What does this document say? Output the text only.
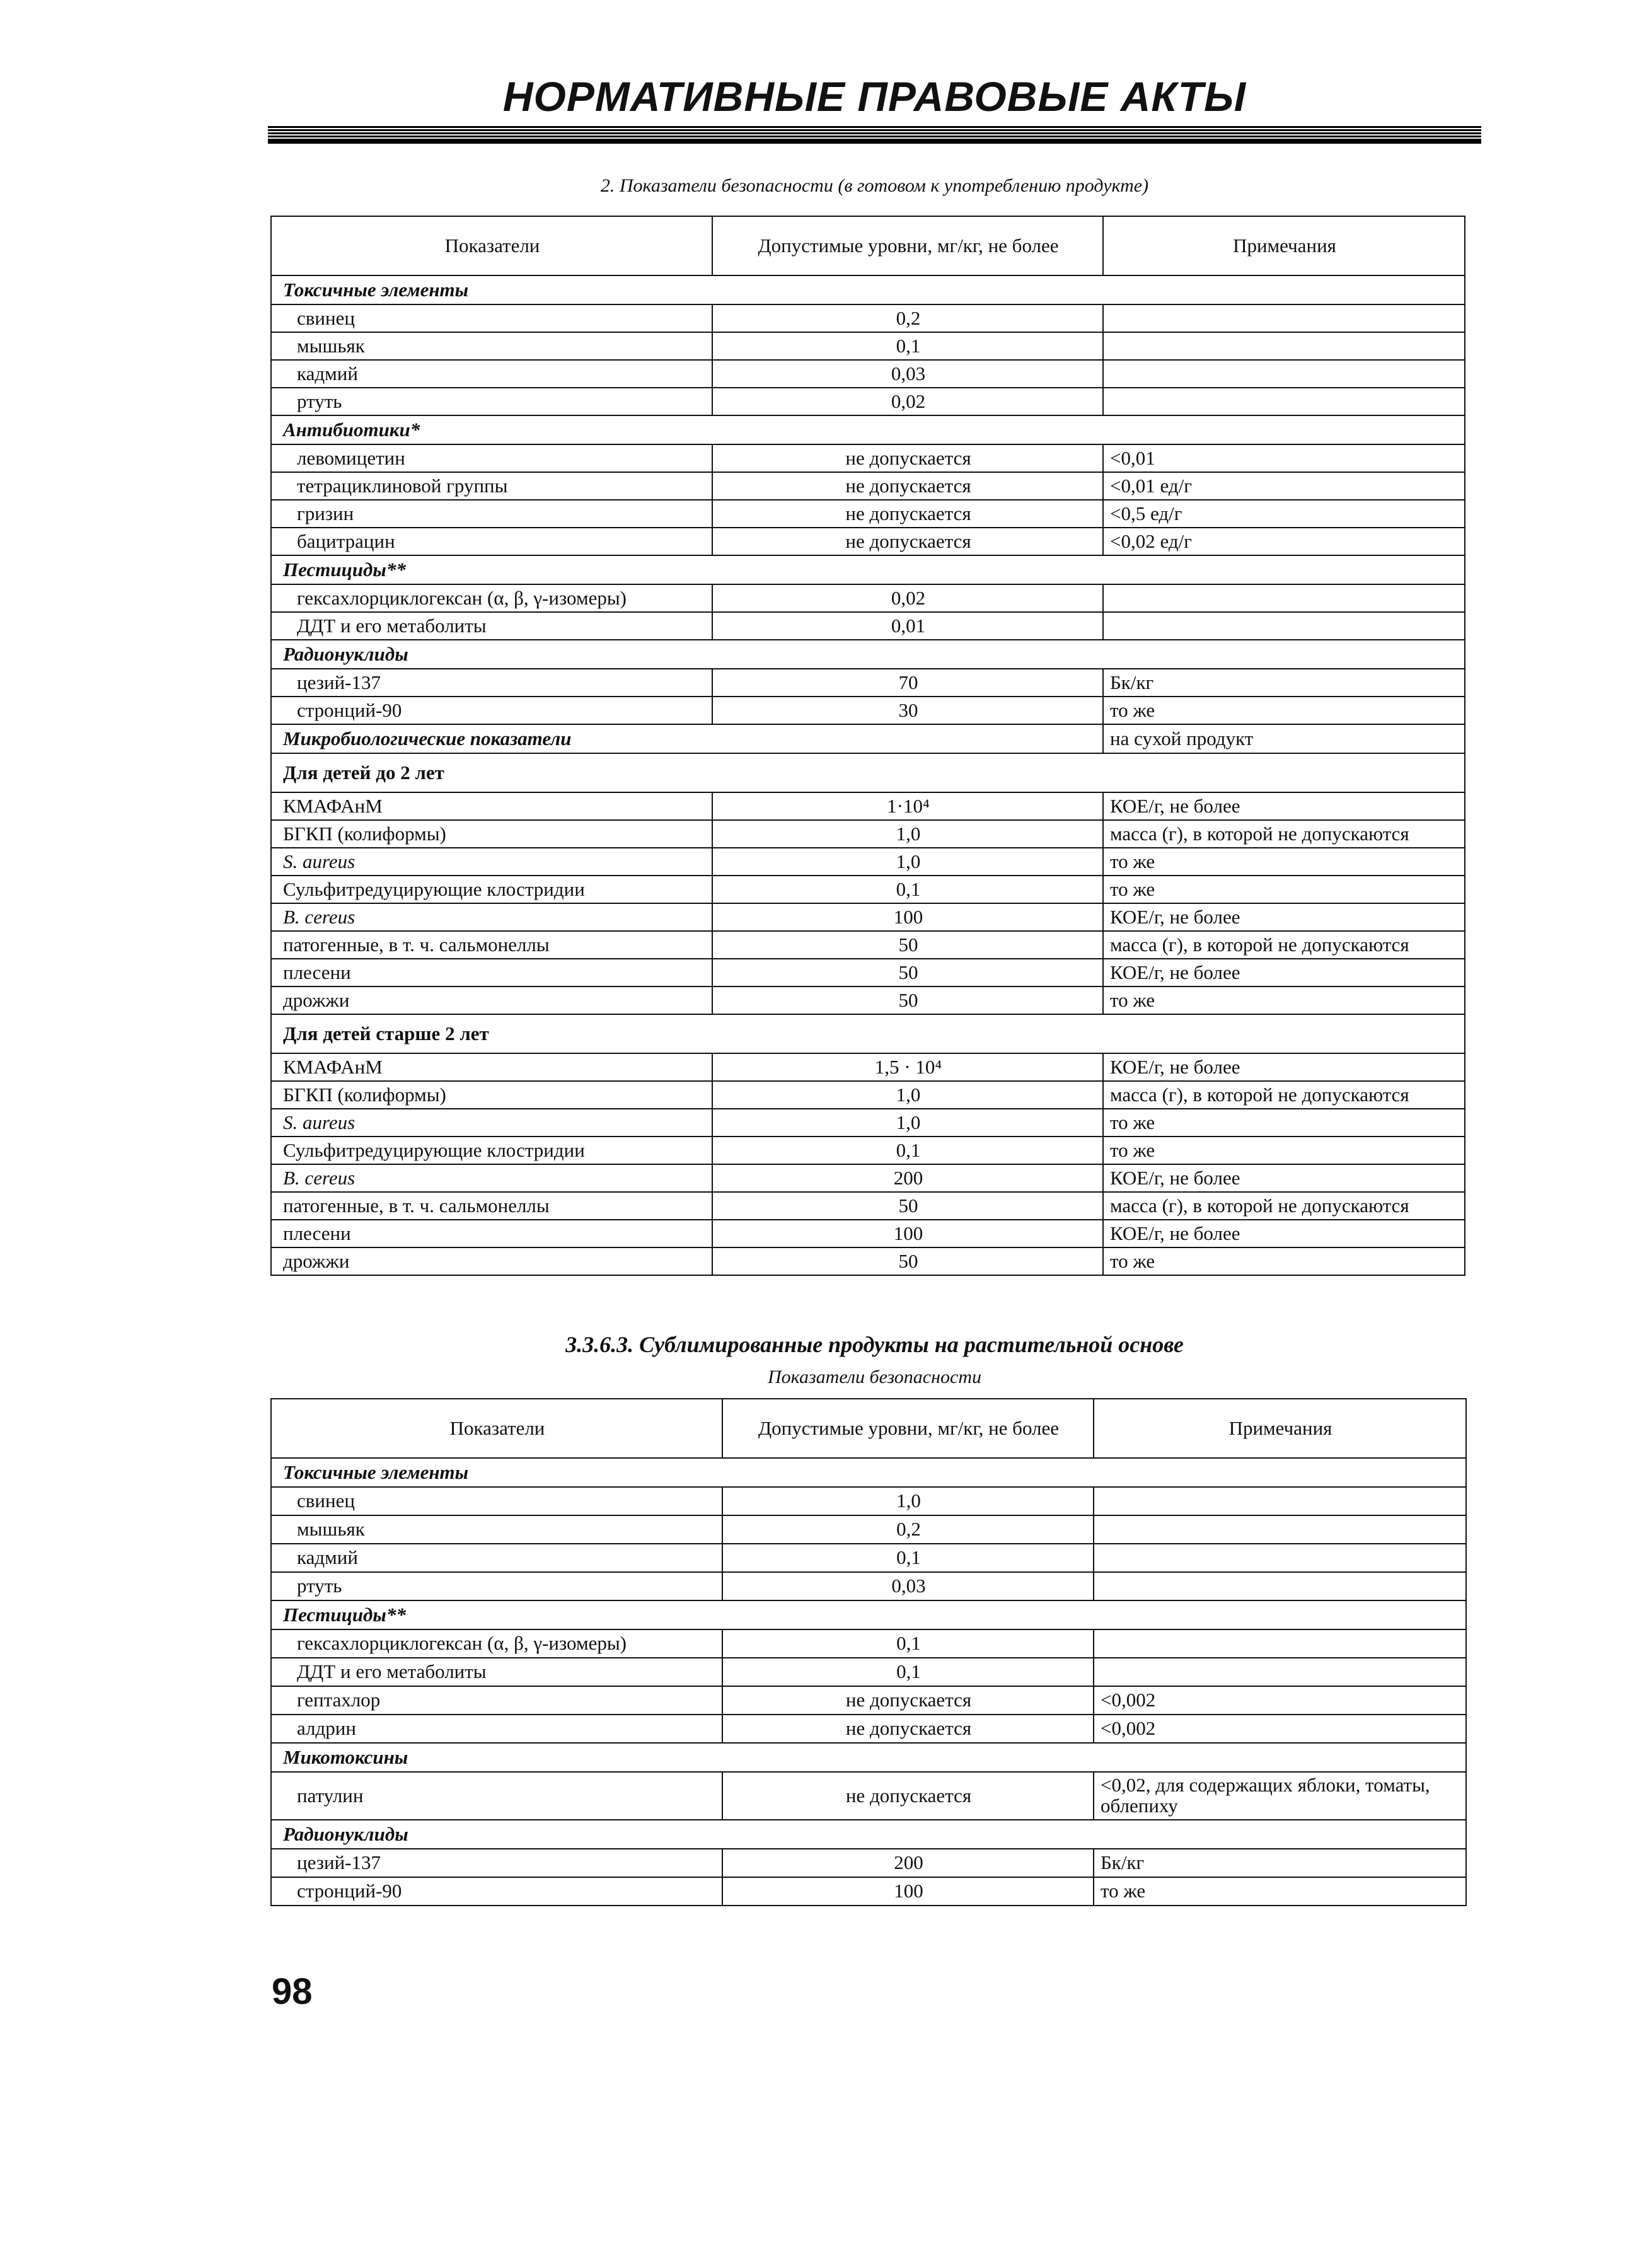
НОРМАТИВНЫЕ ПРАВОВЫЕ АКТЫ
2. Показатели безопасности (в готовом к употреблению продукте)
Показатели	Допустимые уровни, мг/кг, не более	Примечания
Токсичные элементы		
свинец	0,2	
мышьяк	0,1	
кадмий	0,03	
ртуть	0,02	
Антибиотики*		
левомицетин	не допускается	<0,01
тетрациклиновой группы	не допускается	<0,01 ед/г
гризин	не допускается	<0,5 ед/г
бацитрацин	не допускается	<0,02 ед/г
Пестициды**		
гексахлорциклогексан (α, β, γ-изомеры)	0,02	
ДДТ и его метаболиты	0,01	
Радионуклиды		
цезий-137	70	Бк/кг
стронций-90	30	то же
Микробиологические показатели		на сухой продукт
Для детей до 2 лет		
КМАФАнМ	1·10⁴	КОЕ/г, не более
БГКП (колиформы)	1,0	масса (г), в которой не допускаются
S. aureus	1,0	то же
Сульфитредуцирующие клостридии	0,1	то же
B. cereus	100	КОЕ/г, не более
патогенные, в т. ч. сальмонеллы	50	масса (г), в которой не допускаются
плесени	50	КОЕ/г, не более
дрожжи	50	то же
Для детей старше 2 лет		
КМАФАнМ	1,5 · 10⁴	КОЕ/г, не более
БГКП (колиформы)	1,0	масса (г), в которой не допускаются
S. aureus	1,0	то же
Сульфитредуцирующие клостридии	0,1	то же
B. cereus	200	КОЕ/г, не более
патогенные, в т. ч. сальмонеллы	50	масса (г), в которой не допускаются
плесени	100	КОЕ/г, не более
дрожжи	50	то же
3.3.6.3. Сублимированные продукты на растительной основе
Показатели безопасности
Показатели	Допустимые уровни, мг/кг, не более	Примечания
Токсичные элементы		
свинец	1,0	
мышьяк	0,2	
кадмий	0,1	
ртуть	0,03	
Пестициды**		
гексахлорциклогексан (α, β, γ-изомеры)	0,1	
ДДТ и его метаболиты	0,1	
гептахлор	не допускается	<0,002
алдрин	не допускается	<0,002
Микотоксины		
патулин	не допускается	<0,02, для содержащих яблоки, томаты, облепиху
Радионуклиды		
цезий-137	200	Бк/кг
стронций-90	100	то же
98
